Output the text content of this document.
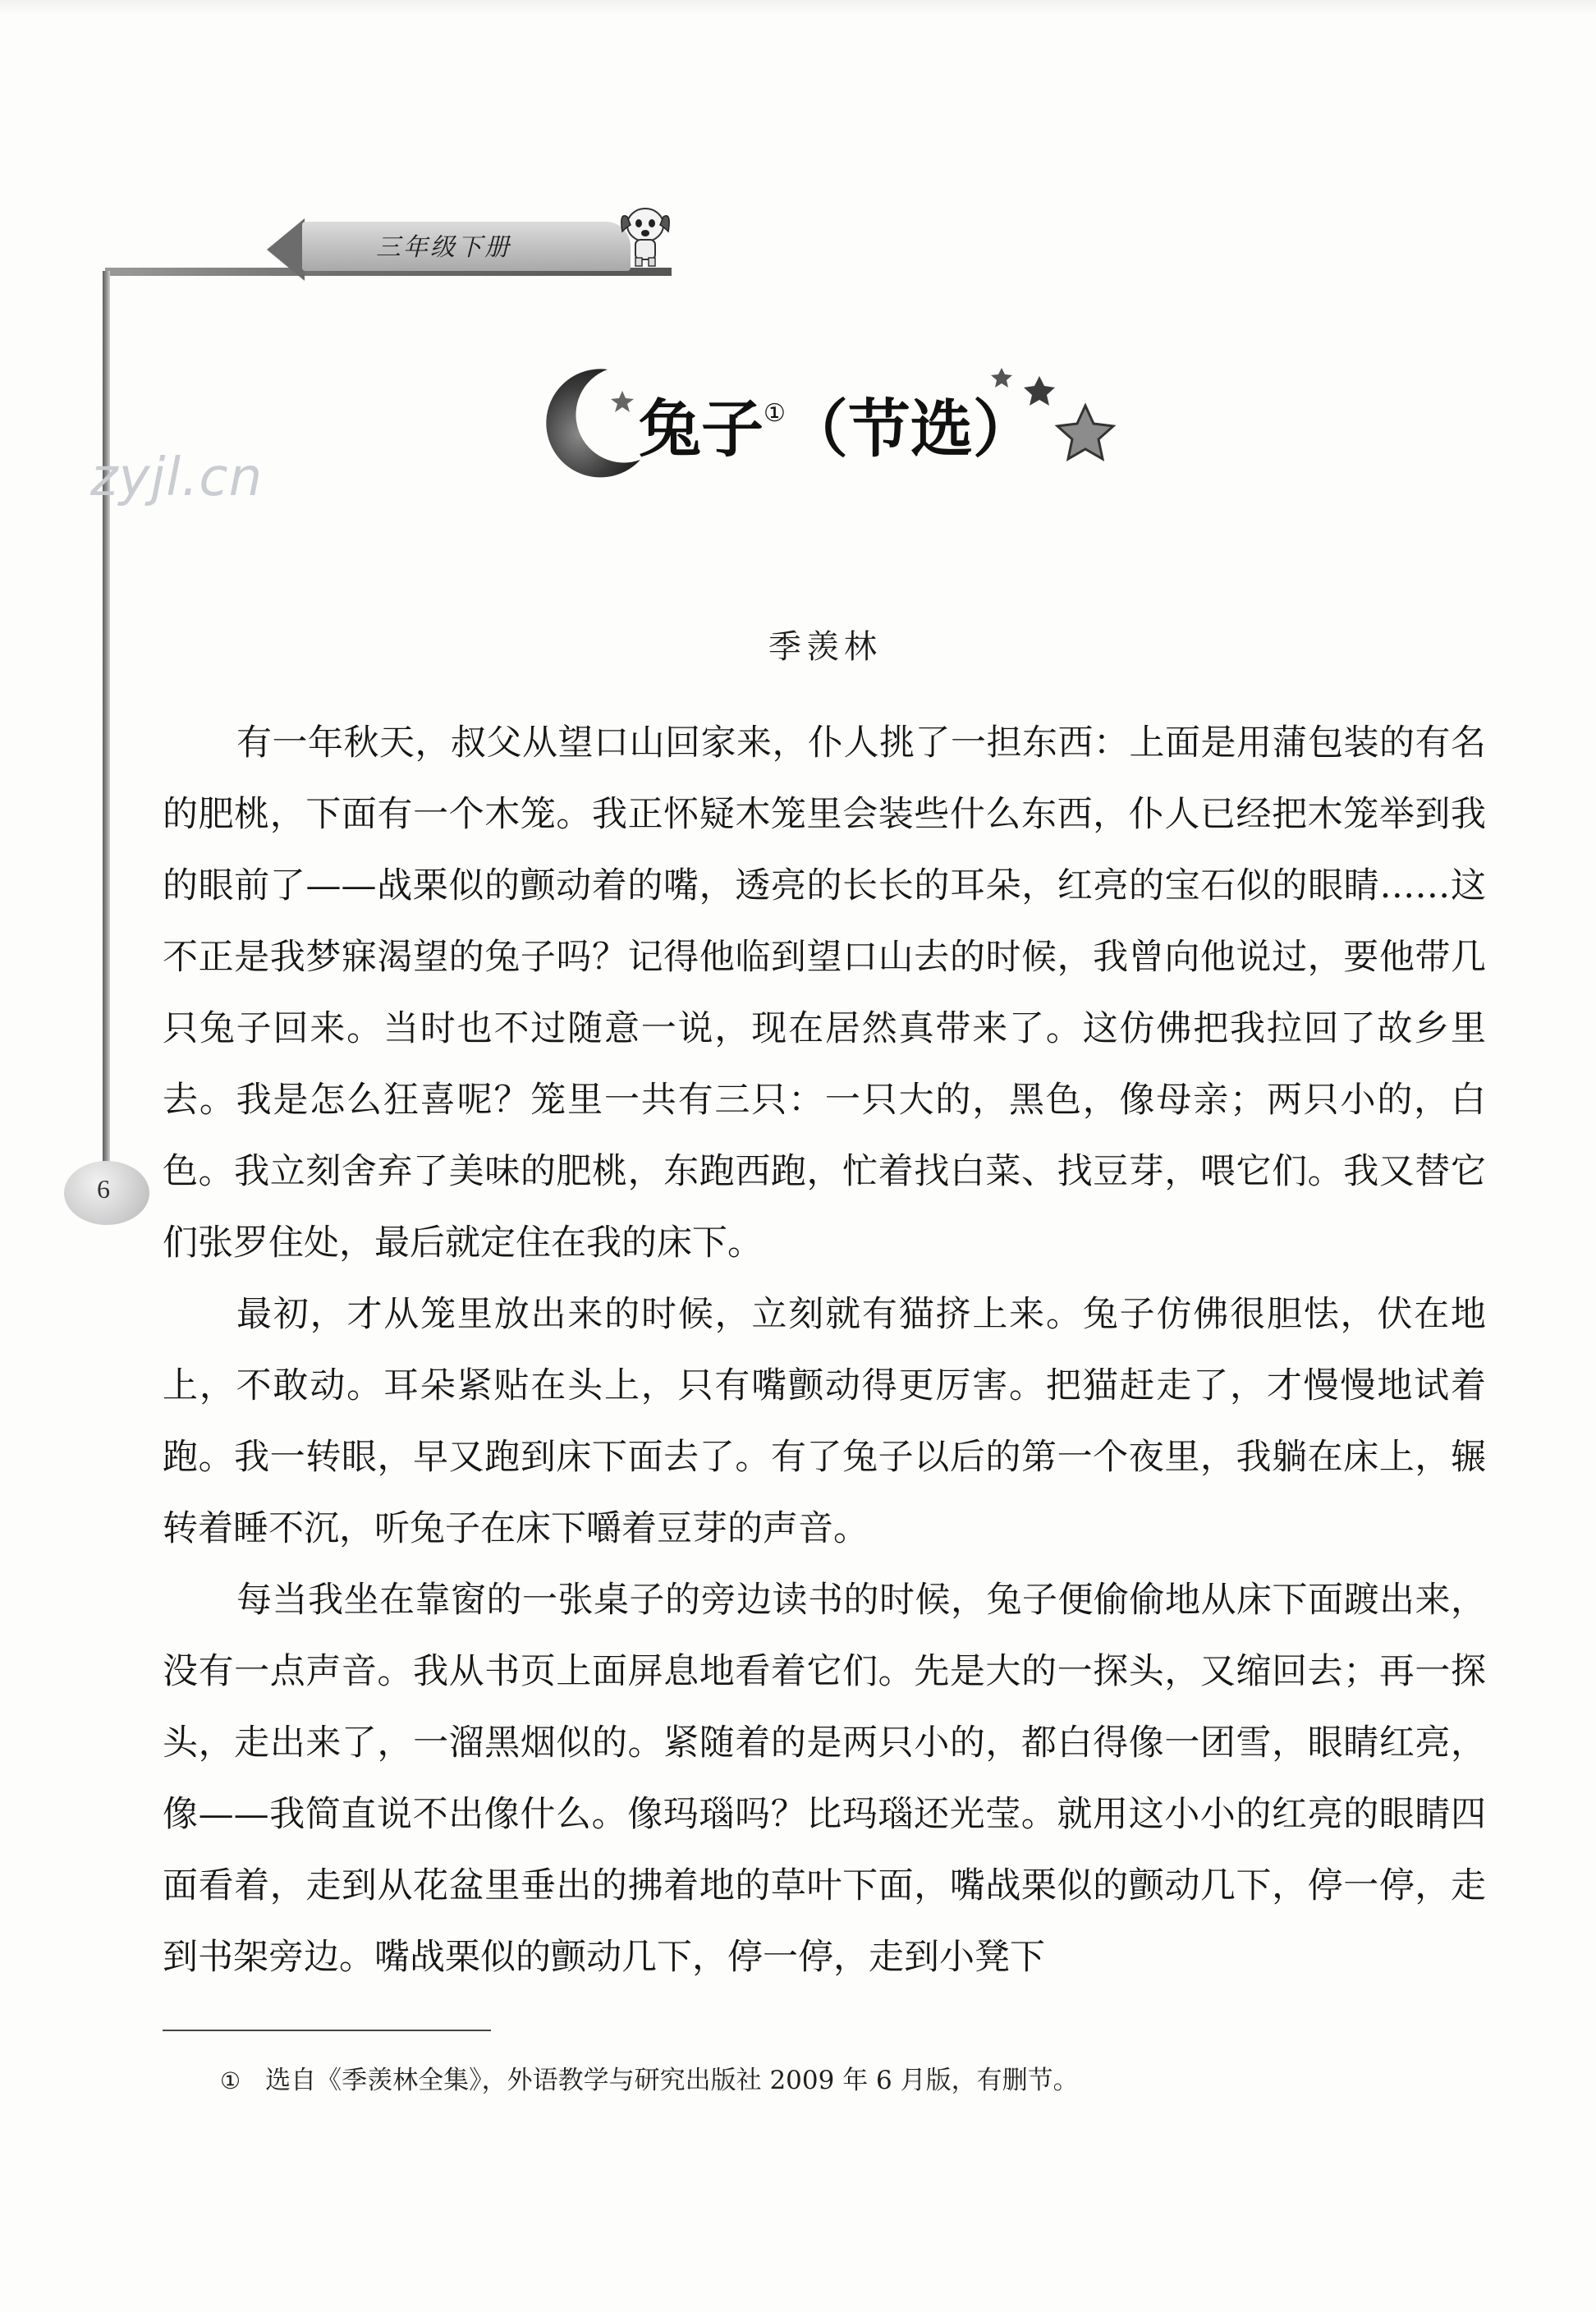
三年级下册
6
zyjl.cn
兔子①（节选）
季羡林

有一年秋天，叔父从望口山回家来，仆人挑了一担东西：上面是用蒲包装的有名的肥桃，下面有一个木笼。我正怀疑木笼里会装些什么东西，仆人已经把木笼举到我的眼前了——战栗似的颤动着的嘴，透亮的长长的耳朵，红亮的宝石似的眼睛……这不正是我梦寐渴望的兔子吗？记得他临到望口山去的时候，我曾向他说过，要他带几只兔子回来。当时也不过随意一说，现在居然真带来了。这仿佛把我拉回了故乡里去。我是怎么狂喜呢？笼里一共有三只：一只大的，黑色，像母亲；两只小的，白色。我立刻舍弃了美味的肥桃，东跑西跑，忙着找白菜、找豆芽，喂它们。我又替它们张罗住处，最后就定住在我的床下。

最初，才从笼里放出来的时候，立刻就有猫挤上来。兔子仿佛很胆怯，伏在地上，不敢动。耳朵紧贴在头上，只有嘴颤动得更厉害。把猫赶走了，才慢慢地试着跑。我一转眼，早又跑到床下面去了。有了兔子以后的第一个夜里，我躺在床上，辗转着睡不沉，听兔子在床下嚼着豆芽的声音。

每当我坐在靠窗的一张桌子的旁边读书的时候，兔子便偷偷地从床下面踱出来，没有一点声音。我从书页上面屏息地看着它们。先是大的一探头，又缩回去；再一探头，走出来了，一溜黑烟似的。紧随着的是两只小的，都白得像一团雪，眼睛红亮，像——我简直说不出像什么。像玛瑙吗？比玛瑙还光莹。就用这小小的红亮的眼睛四面看着，走到从花盆里垂出的拂着地的草叶下面，嘴战栗似的颤动几下，停一停，走到书架旁边。嘴战栗似的颤动几下，停一停，走到小凳下

① 选自《季羡林全集》，外语教学与研究出版社 2009 年 6 月版，有删节。
